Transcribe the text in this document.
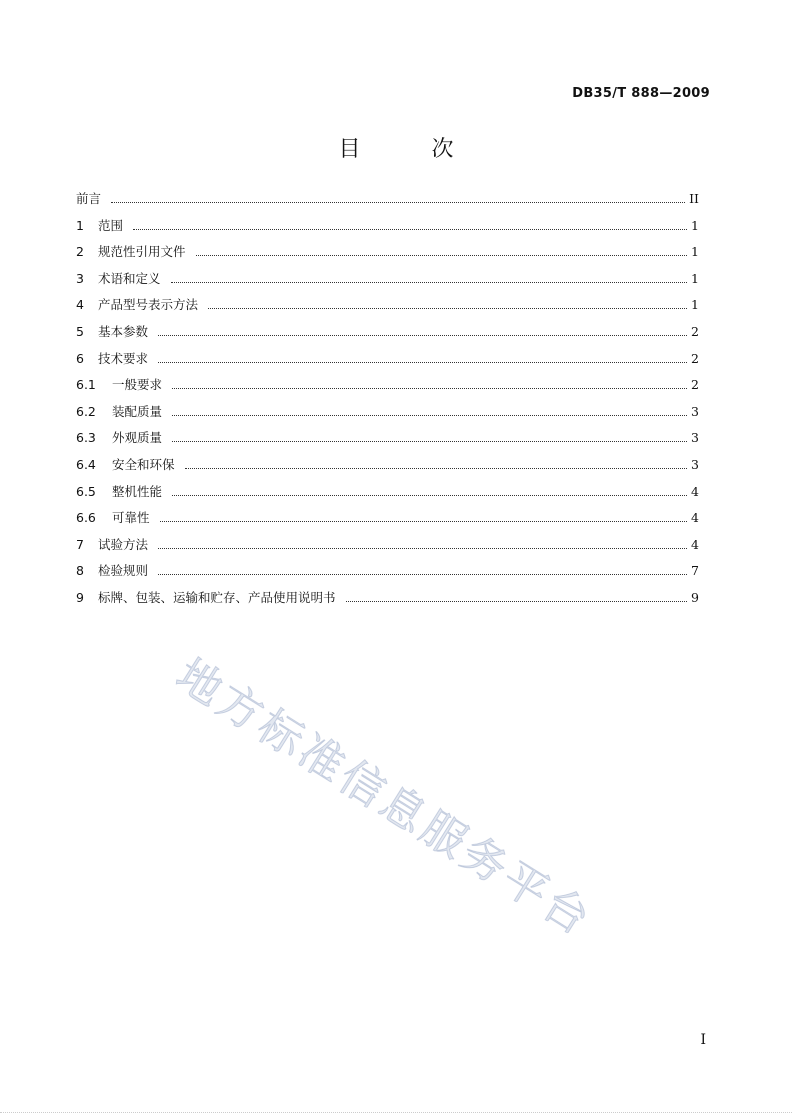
DB35/T 888—2009
目	次
前言	II
1	范围	1
2	规范性引用文件	1
3	术语和定义	1
4	产品型号表示方法	1
5	基本参数	2
6	技术要求	2
6.1	一般要求	2
6.2	装配质量	3
6.3	外观质量	3
6.4	安全和环保	3
6.5	整机性能	4
6.6	可靠性	4
7	试验方法	4
8	检验规则	7
9	标牌、包装、运输和贮存、产品使用说明书	9
地方标准信息服务平台
I
